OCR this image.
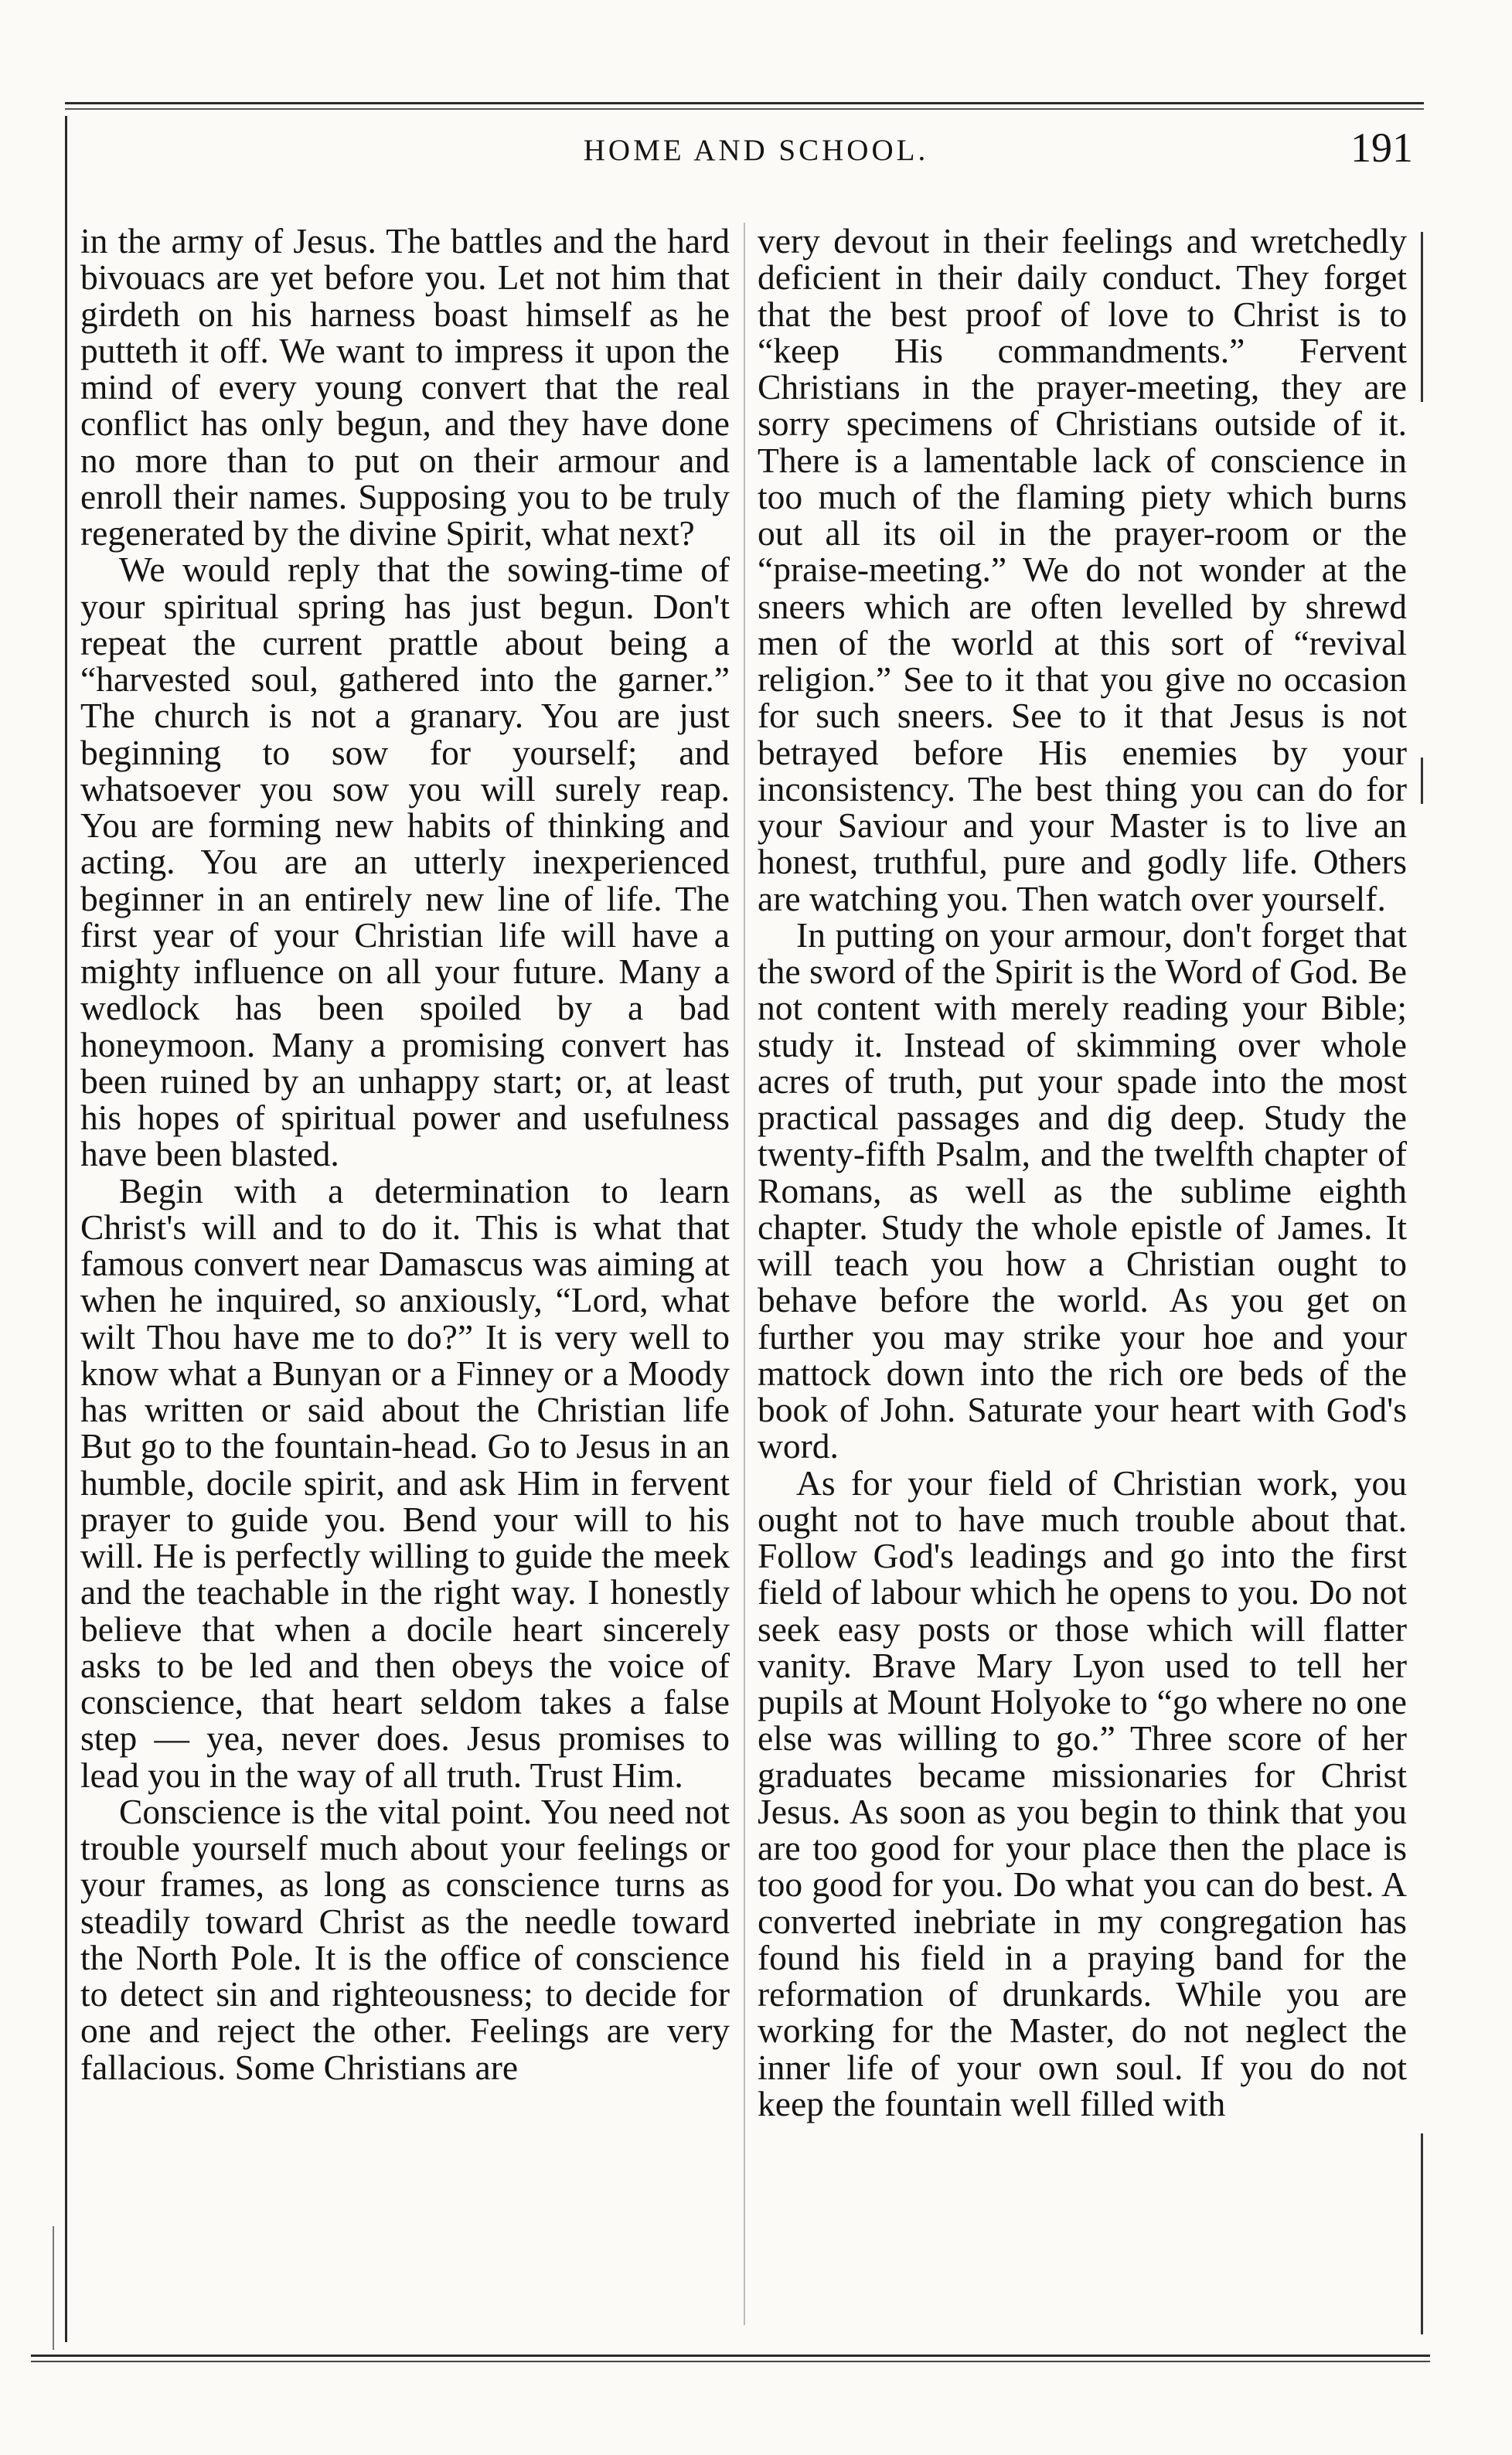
HOME AND SCHOOL.	191

in the army of Jesus. The battles and the hard bivouacs are yet before you. Let not him that girdeth on his harness boast himself as he putteth it off. We want to impress it upon the mind of every young convert that the real conflict has only begun, and they have done no more than to put on their armour and enroll their names. Supposing you to be truly regenerated by the divine Spirit, what next?

We would reply that the sowing-time of your spiritual spring has just begun. Don't repeat the current prattle about being a “harvested soul, gathered into the garner.” The church is not a granary. You are just beginning to sow for yourself; and whatsoever you sow you will surely reap. You are forming new habits of thinking and acting. You are an utterly inexperienced beginner in an entirely new line of life. The first year of your Christian life will have a mighty influence on all your future. Many a wedlock has been spoiled by a bad honeymoon. Many a promising convert has been ruined by an unhappy start; or, at least his hopes of spiritual power and usefulness have been blasted.

Begin with a determination to learn Christ's will and to do it. This is what that famous convert near Damascus was aiming at when he inquired, so anxiously, “Lord, what wilt Thou have me to do?” It is very well to know what a Bunyan or a Finney or a Moody has written or said about the Christian life But go to the fountain-head. Go to Jesus in an humble, docile spirit, and ask Him in fervent prayer to guide you. Bend your will to his will. He is perfectly willing to guide the meek and the teachable in the right way. I honestly believe that when a docile heart sincerely asks to be led and then obeys the voice of conscience, that heart seldom takes a false step — yea, never does. Jesus promises to lead you in the way of all truth. Trust Him.

Conscience is the vital point. You need not trouble yourself much about your feelings or your frames, as long as conscience turns as steadily toward Christ as the needle toward the North Pole. It is the office of conscience to detect sin and righteousness; to decide for one and reject the other. Feelings are very fallacious. Some Christians are

very devout in their feelings and wretchedly deficient in their daily conduct. They forget that the best proof of love to Christ is to “keep His commandments.” Fervent Christians in the prayer-meeting, they are sorry specimens of Christians outside of it. There is a lamentable lack of conscience in too much of the flaming piety which burns out all its oil in the prayer-room or the “praise-meeting.” We do not wonder at the sneers which are often levelled by shrewd men of the world at this sort of “revival religion.” See to it that you give no occasion for such sneers. See to it that Jesus is not betrayed before His enemies by your inconsistency. The best thing you can do for your Saviour and your Master is to live an honest, truthful, pure and godly life. Others are watching you. Then watch over yourself.

In putting on your armour, don't forget that the sword of the Spirit is the Word of God. Be not content with merely reading your Bible; study it. Instead of skimming over whole acres of truth, put your spade into the most practical passages and dig deep. Study the twenty-fifth Psalm, and the twelfth chapter of Romans, as well as the sublime eighth chapter. Study the whole epistle of James. It will teach you how a Christian ought to behave before the world. As you get on further you may strike your hoe and your mattock down into the rich ore beds of the book of John. Saturate your heart with God's word.

As for your field of Christian work, you ought not to have much trouble about that. Follow God's leadings and go into the first field of labour which he opens to you. Do not seek easy posts or those which will flatter vanity. Brave Mary Lyon used to tell her pupils at Mount Holyoke to “go where no one else was willing to go.” Three score of her graduates became missionaries for Christ Jesus. As soon as you begin to think that you are too good for your place then the place is too good for you. Do what you can do best. A converted inebriate in my congregation has found his field in a praying band for the reformation of drunkards. While you are working for the Master, do not neglect the inner life of your own soul. If you do not keep the fountain well filled with
